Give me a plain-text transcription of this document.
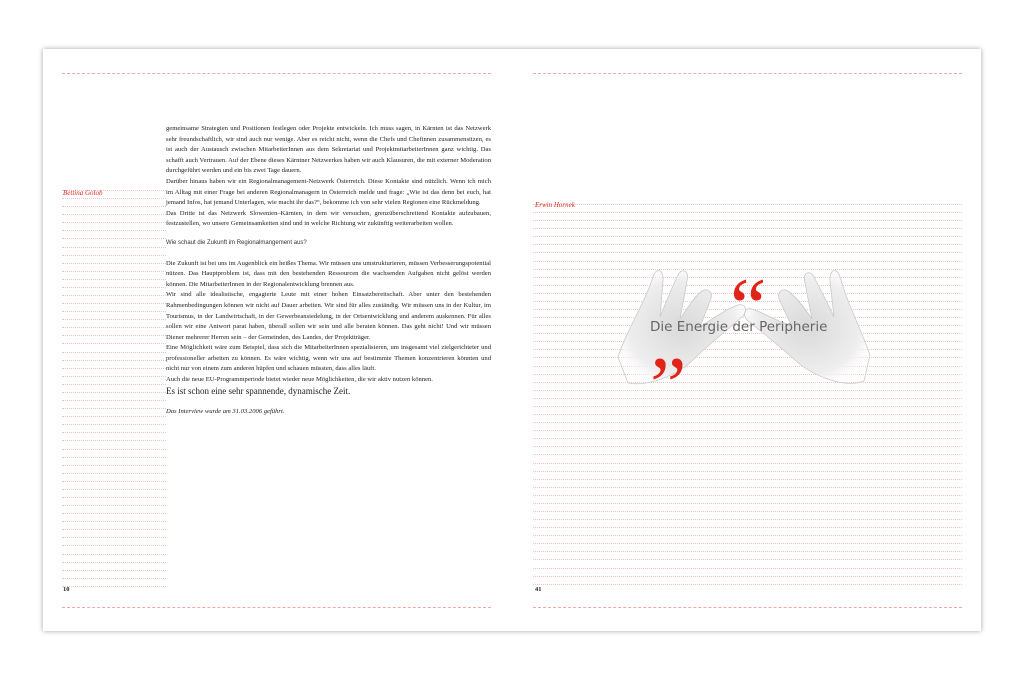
Bettina Golob

gemeinsame Strategien und Positionen festlegen oder Projekte entwickeln. Ich muss sagen, in Kärnten ist das Netzwerk sehr freundschaftlich, wir sind auch nur wenige. Aber es reicht nicht, wenn die Chefs und Chefinnen zusammensitzen, es ist auch der Austausch zwischen MitarbeiterInnen aus dem Sekretariat und ProjektmitarbeiterInnen ganz wichtig. Das schafft auch Vertrauen. Auf der Ebene dieses Kärntner Netzwerkes haben wir auch Klausuren, die mit externer Moderation durchgeführt werden und ein bis zwei Tage dauern.

Darüber hinaus haben wir ein Regionalmanagement-Netzwerk Österreich. Diese Kontakte sind nützlich. Wenn ich mich im Alltag mit einer Frage bei anderen Regionalmanagern in Österreich melde und frage: „Wie ist das denn bei euch, hat jemand Infos, hat jemand Unterlagen, wie macht ihr das?“, bekomme ich von sehr vielen Regionen eine Rückmeldung.

Das Dritte ist das Netzwerk Slowenien–Kärnten, in dem wir versuchen, grenzüberschreitend Kontakte aufzubauen, festzustellen, wo unsere Gemeinsamkeiten sind und in welche Richtung wir zukünftig weiterarbeiten wollen.

Wie schaut die Zukunft im Regionalmangement aus?

Die Zukunft ist bei uns im Augenblick ein heißes Thema. Wir müssen uns umstrukturieren, müssen Verbesserungspotential nützen. Das Hauptproblem ist, dass mit den bestehenden Ressourcen die wachsenden Aufgaben nicht gelöst werden können. Die MitarbeiterInnen in der Regionalentwicklung brennen aus.

Wir sind alle idealistische, engagierte Leute mit einer hohen Einsatzbereitschaft. Aber unter den bestehenden Rahmenbedingungen können wir nicht auf Dauer arbeiten. Wir sind für alles zuständig. Wir müssen uns in der Kultur, im Tourismus, in der Landwirtschaft, in der Gewerbeansiedelung, in der Ortsentwicklung und anderem auskennen. Für alles sollen wir eine Antwort parat haben, überall sollen wir sein und alle beraten können. Das geht nicht! Und wir müssen Diener mehrerer Herren sein – der Gemeinden, des Landes, der Projektträger.

Eine Möglichkeit wäre zum Beispiel, dass sich die MitarbeiterInnen spezialisieren, um insgesamt viel zielgerichteter und professioneller arbeiten zu können. Es wäre wichtig, wenn wir uns auf bestimmte Themen konzentrieren könnten und nicht nur von einem zum anderen hüpfen und schauen müssten, dass alles läuft.

Auch die neue EU-Programmperiode bietet wieder neue Möglichkeiten, die wir aktiv nutzen können.

Es ist schon eine sehr spannende, dynamische Zeit.

Das Interview wurde am 31.03.2006 geführt.

10
Erwin Hornek
“
Die Energie der Peripherie
”
41
